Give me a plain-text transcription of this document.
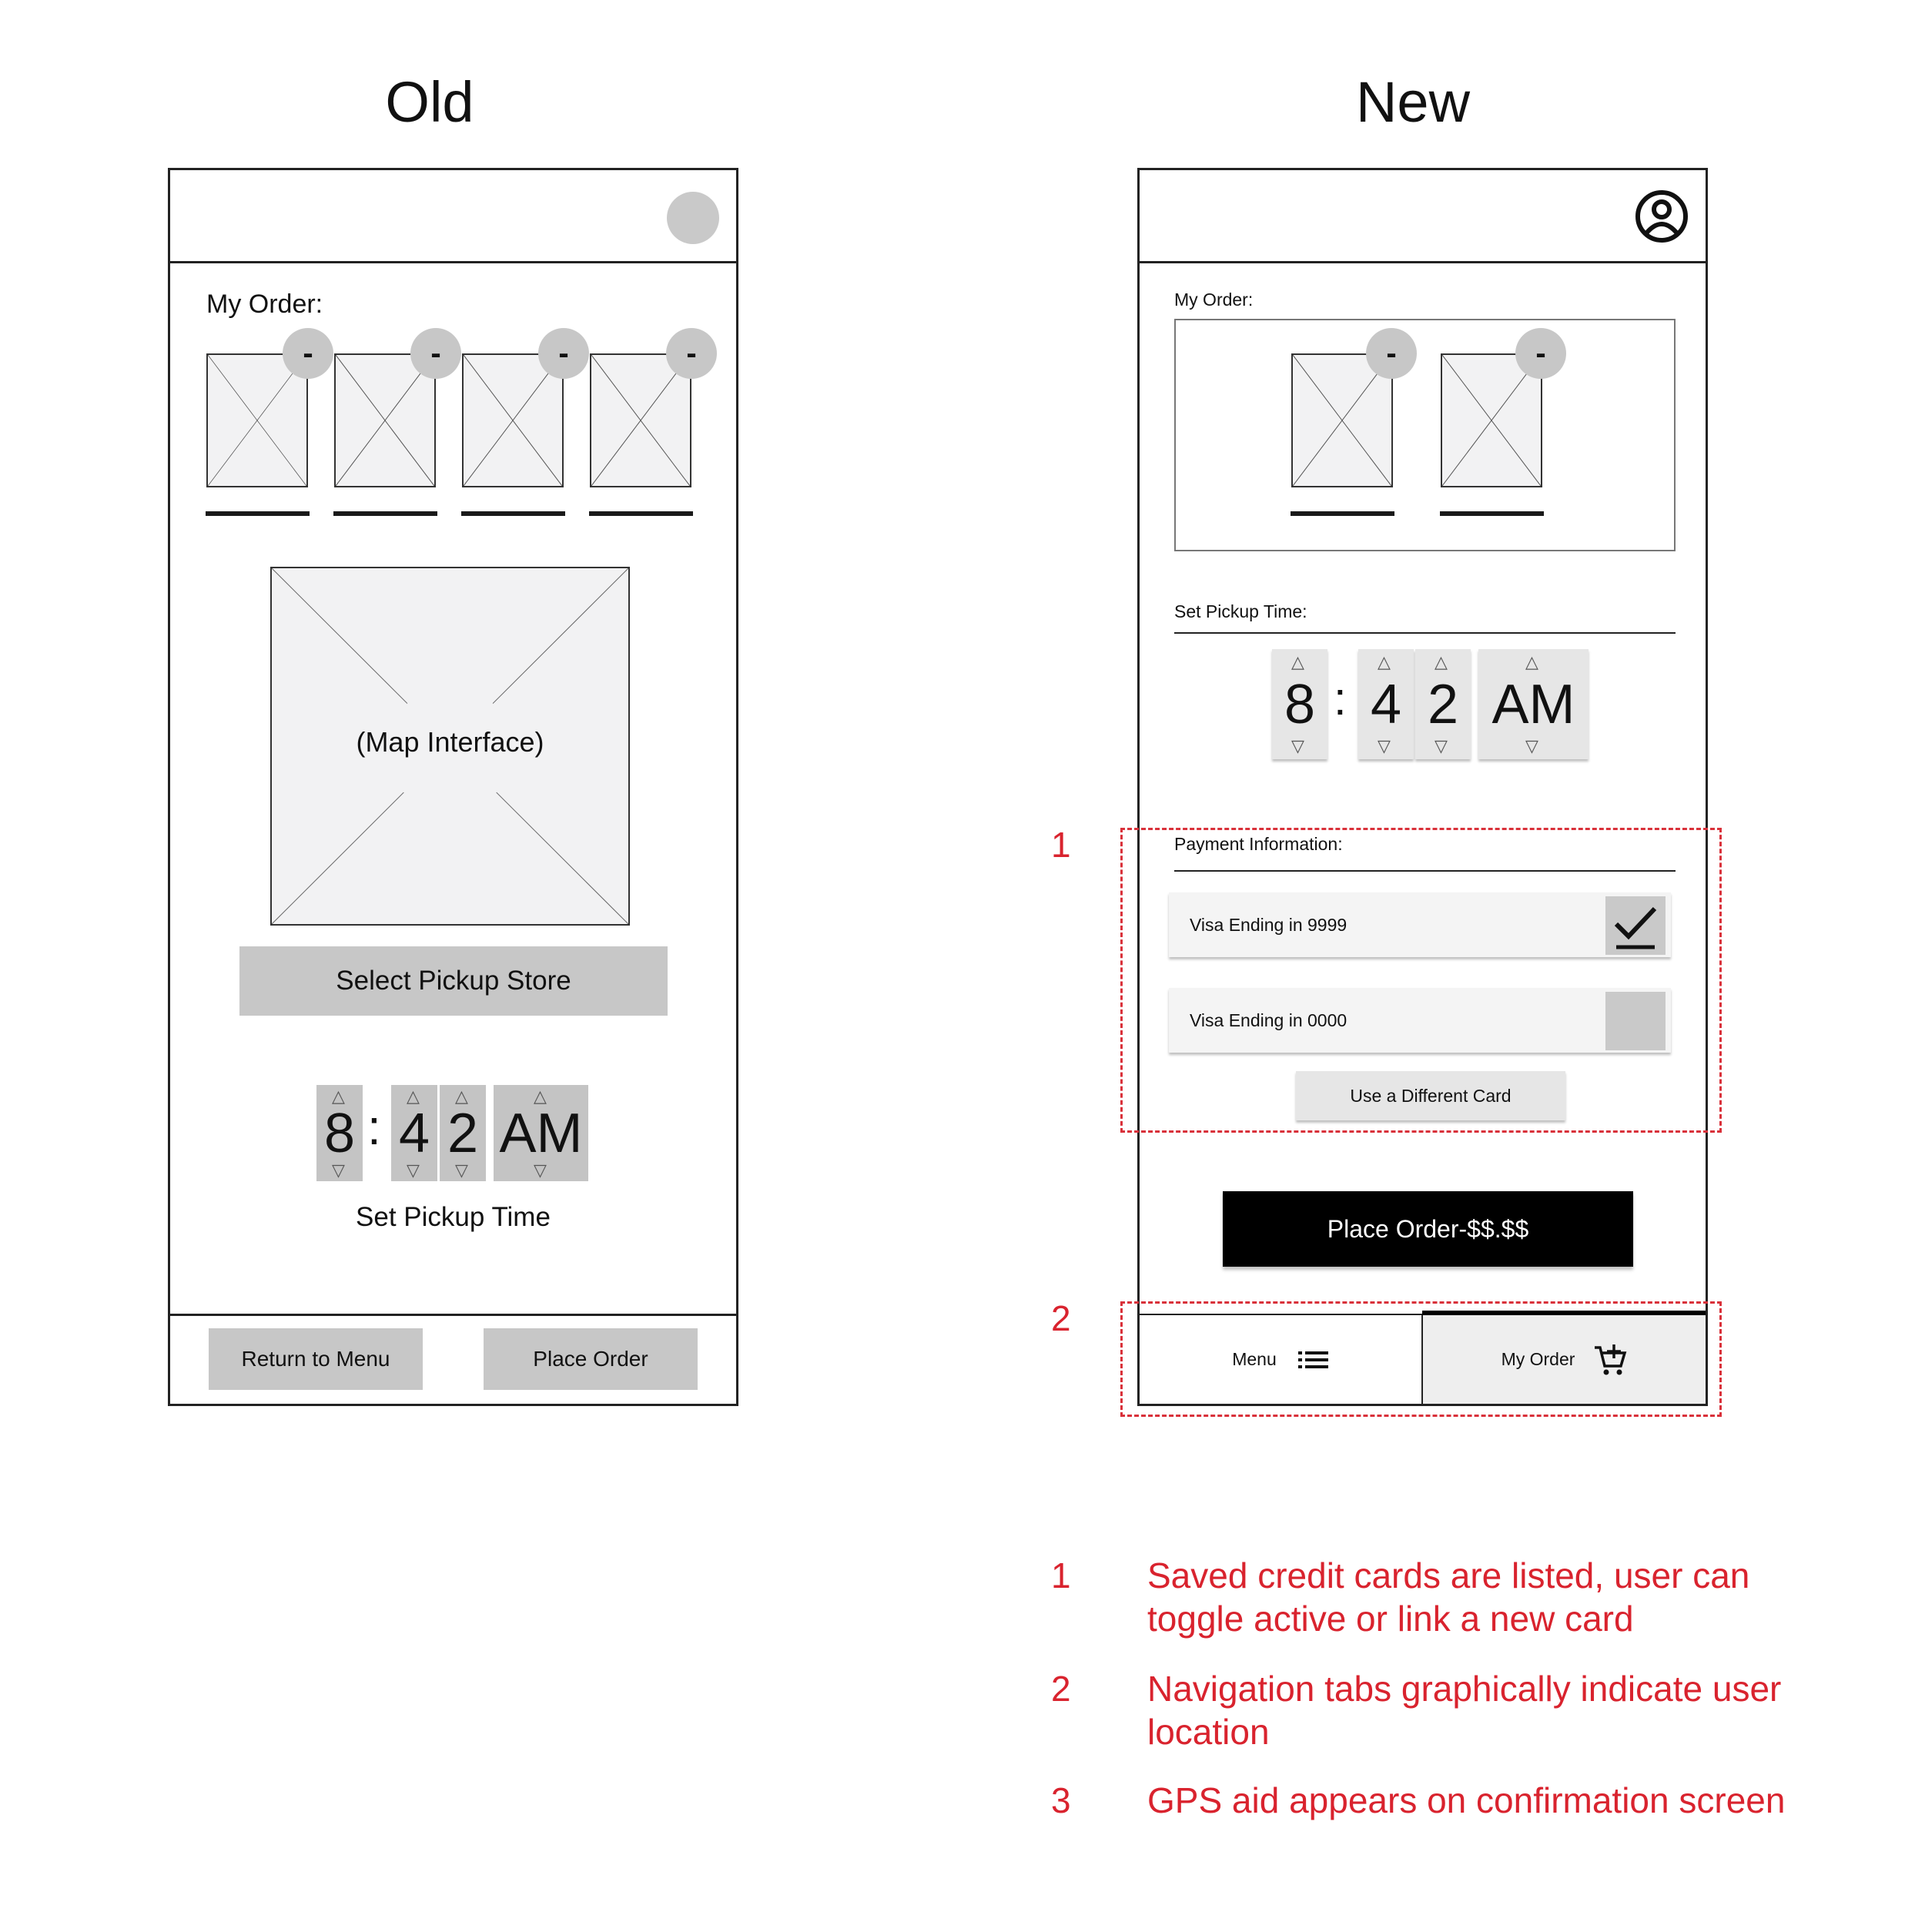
Old
My Order:
-	-	-	-
(Map Interface)
Select Pickup Store
8 : 4 2 AM
△
▽
△
▽
△
▽
△
▽
Set Pickup Time
Return to Menu	Place Order
New
My Order:
-	-
Set Pickup Time:
8 : 4 2 AM
△
▽
△
▽
△
▽
△
▽
Payment Information:
Visa Ending in 9999
Visa Ending in 0000
Use a Different Card
Place Order-$$.$$
Menu	My Order
1
2
1 Saved credit cards are listed, user can toggle active or link a new card
2 Navigation tabs graphically indicate user location
3 GPS aid appears on confirmation screen
